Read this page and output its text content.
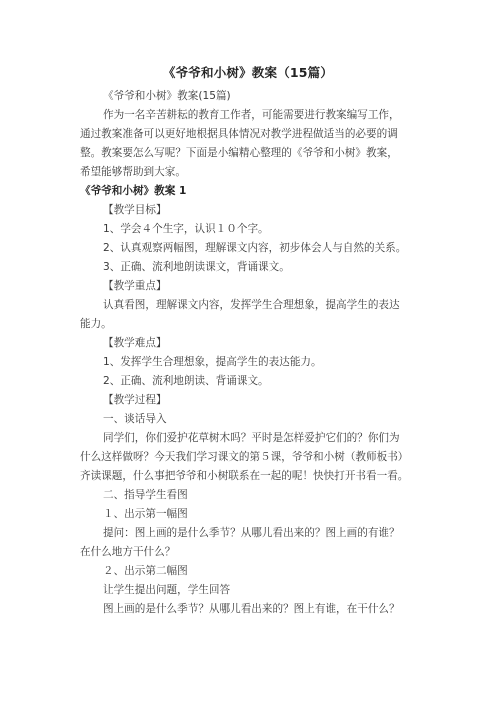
《爷爷和小树》教案（15篇）
《爷爷和小树》教案(15篇)
作为一名辛苦耕耘的教育工作者，可能需要进行教案编写工作，
通过教案准备可以更好地根据具体情况对教学进程做适当的必要的调
整。教案要怎么写呢？下面是小编精心整理的《爷爷和小树》教案，
希望能够帮助到大家。
《爷爷和小树》教案 1
【教学目标】
1、学会４个生字，认识１０个字。
2、认真观察两幅图，理解课文内容，初步体会人与自然的关系。
3、正确、流利地朗读课文，背诵课文。
【教学重点】
认真看图，理解课文内容，发挥学生合理想象，提高学生的表达
能力。
【教学难点】
1、发挥学生合理想象，提高学生的表达能力。
2、正确、流利地朗读、背诵课文。
【教学过程】
一、谈话导入
同学们，你们爱护花草树木吗？平时是怎样爱护它们的？你们为
什么这样做呀？今天我们学习课文的第５课，爷爷和小树（教师板书）
齐读课题，什么事把爷爷和小树联系在一起的呢！快快打开书看一看。
二、指导学生看图
１、出示第一幅图
提问：图上画的是什么季节？从哪儿看出来的？图上画的有谁？
在什么地方干什么？
２、出示第二幅图
让学生提出问题，学生回答
图上画的是什么季节？从哪儿看出来的？图上有谁，在干什么？
